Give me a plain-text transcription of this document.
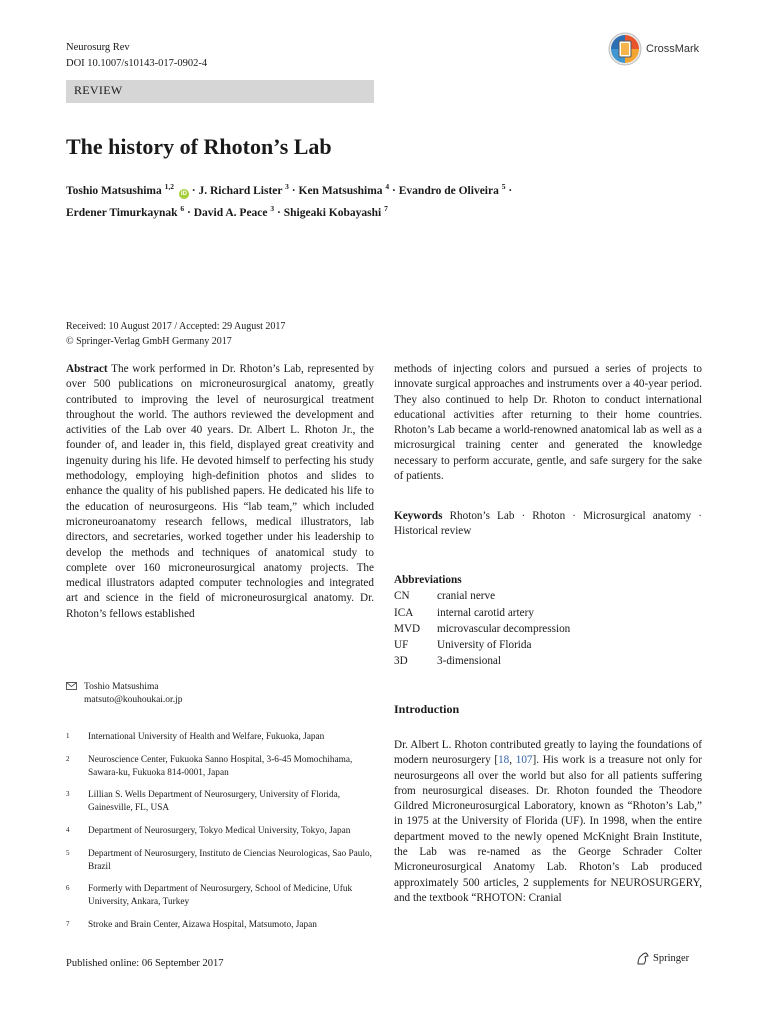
Neurosurg Rev
DOI 10.1007/s10143-017-0902-4
CrossMark
REVIEW
The history of Rhoton’s Lab
Toshio Matsushima $^{1,2}$ iD · J. Richard Lister $^3$ · Ken Matsushima $^4$ · Evandro de Oliveira $^5$ ·
Erdener Timurkaynak $^6$ · David A. Peace $^3$ · Shigeaki Kobayashi $^7$
Received: 10 August 2017 / Accepted: 29 August 2017
© Springer-Verlag GmbH Germany 2017
Abstract The work performed in Dr. Rhoton’s Lab, represented by over 500 publications on microneurosurgical anatomy, greatly contributed to improving the level of neurosurgical treatment throughout the world. The authors reviewed the development and activities of the Lab over 40 years. Dr. Albert L. Rhoton Jr., the founder of, and leader in, this field, displayed great creativity and ingenuity during his life. He devoted himself to perfecting his study methodology, employing high-definition photos and slides to enhance the quality of his published papers. He dedicated his life to the education of neurosurgeons. His “lab team,” which included microneuroanatomy research fellows, medical illustrators, lab directors, and secretaries, worked together under his leadership to develop the methods and techniques of anatomical study to complete over 160 microneurosurgical anatomy projects. The medical illustrators adapted computer technologies and integrated art and science in the field of microneurosurgical anatomy. Dr. Rhoton’s fellows established
methods of injecting colors and pursued a series of projects to innovate surgical approaches and instruments over a 40-year period. They also continued to help Dr. Rhoton to conduct international educational activities after returning to their home countries. Rhoton’s Lab became a world-renowned anatomical lab as well as a microsurgical training center and generated the knowledge necessary to perform accurate, gentle, and safe surgery for the sake of patients.
Keywords Rhoton’s Lab · Rhoton · Microsurgical anatomy · Historical review
Abbreviations
CN	cranial nerve
ICA	internal carotid artery
MVD	microvascular decompression
UF	University of Florida
3D	3-dimensional
Introduction
Dr. Albert L. Rhoton contributed greatly to laying the foundations of modern neurosurgery [18, 107]. His work is a treasure not only for neurosurgeons all over the world but also for all patients suffering from neurosurgical diseases. Dr. Rhoton founded the Theodore Gildred Microneurosurgical Laboratory, known as “Rhoton’s Lab,” in 1975 at the University of Florida (UF). In 1998, when the entire department moved to the newly opened McKnight Brain Institute, the Lab was re-named as the George Schrader Colter Microneurosurgical Anatomy Lab. Rhoton’s Lab produced approximately 500 articles, 2 supplements for NEUROSURGERY, and the textbook “RHOTON: Cranial
Toshio Matsushima
matsuto@kouhoukai.or.jp
1	International University of Health and Welfare, Fukuoka, Japan
2	Neuroscience Center, Fukuoka Sanno Hospital, 3-6-45 Momochihama, Sawara-ku, Fukuoka 814-0001, Japan
3	Lillian S. Wells Department of Neurosurgery, University of Florida, Gainesville, FL, USA
4	Department of Neurosurgery, Tokyo Medical University, Tokyo, Japan
5	Department of Neurosurgery, Instituto de Ciencias Neurologicas, Sao Paulo, Brazil
6	Formerly with Department of Neurosurgery, School of Medicine, Ufuk University, Ankara, Turkey
7	Stroke and Brain Center, Aizawa Hospital, Matsumoto, Japan
Published online: 06 September 2017	Springer
